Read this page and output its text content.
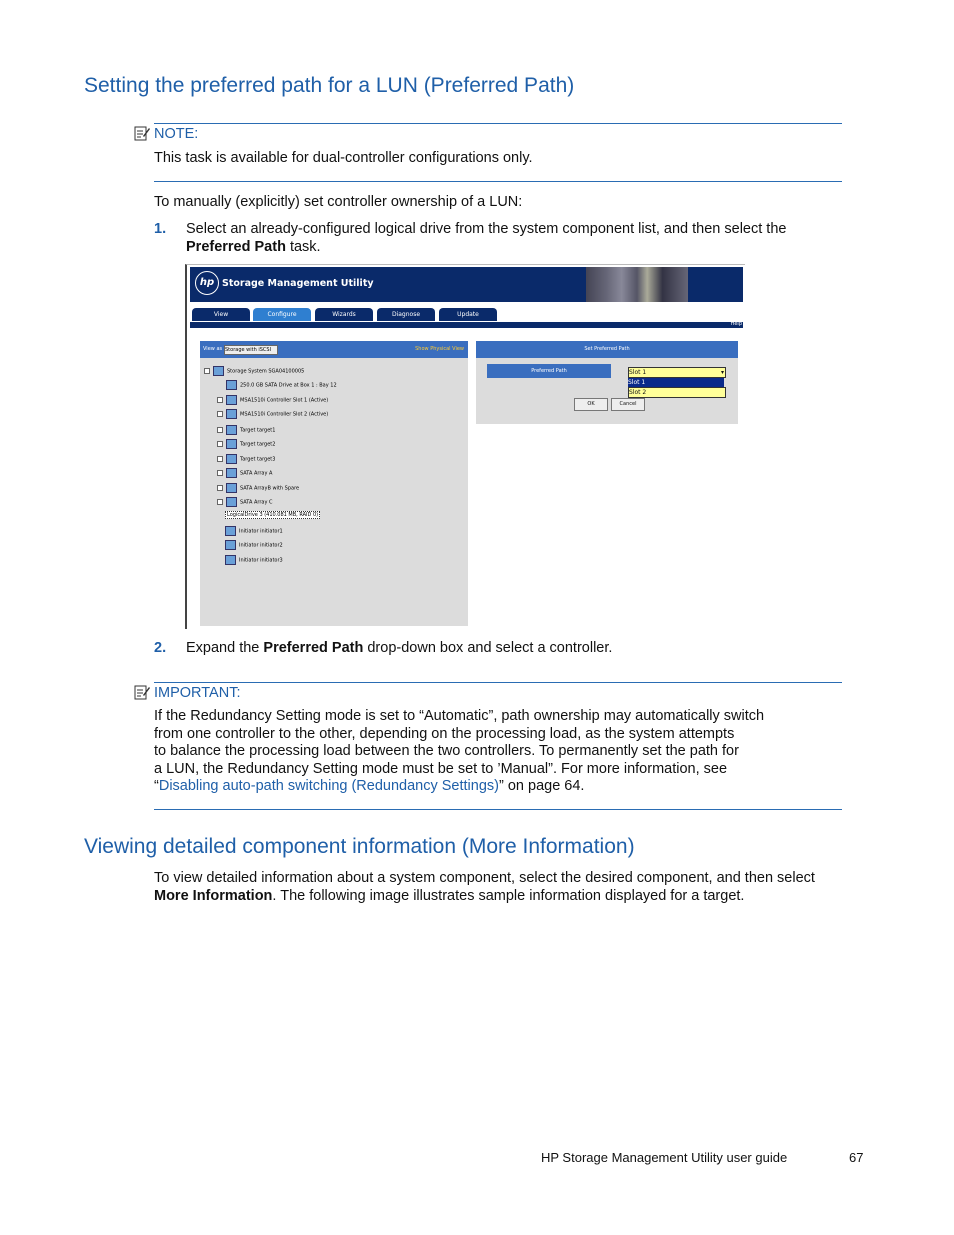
Setting the preferred path for a LUN (Preferred Path)
NOTE:
This task is available for dual-controller configurations only.
To manually (explicitly) set controller ownership of a LUN:
1. Select an already-configured logical drive from the system component list, and then select the
Preferred Path task.
hp Storage Management Utility
View	Configure	Wizards	Diagnose	Update
Help
View as Storage with iSCSI	Show Physical View
Storage System SGA04100005
250.0 GB SATA Drive at Box 1 : Bay 12
MSA1510i Controller Slot 1 (Active)
MSA1510i Controller Slot 2 (Active)
Target target1
Target target2
Target target3
SATA Array A
SATA ArrayB with Spare
SATA Array C
LogicalDrive 3 (410.081 MB, RAID 0)
Initiator initiator1
Initiator initiator2
Initiator initiator3
Set Preferred Path
Preferred Path	Slot 1	▾
Slot 1
Slot 2
OK	Cancel
2. Expand the Preferred Path drop-down box and select a controller.
IMPORTANT:
If the Redundancy Setting mode is set to “Automatic”, path ownership may automatically switch
from one controller to the other, depending on the processing load, as the system attempts
to balance the processing load between the two controllers. To permanently set the path for
a LUN, the Redundancy Setting mode must be set to ’Manual”. For more information, see
“Disabling auto-path switching (Redundancy Settings)” on page 64.
Viewing detailed component information (More Information)
To view detailed information about a system component, select the desired component, and then select
More Information. The following image illustrates sample information displayed for a target.
HP Storage Management Utility user guide	67
